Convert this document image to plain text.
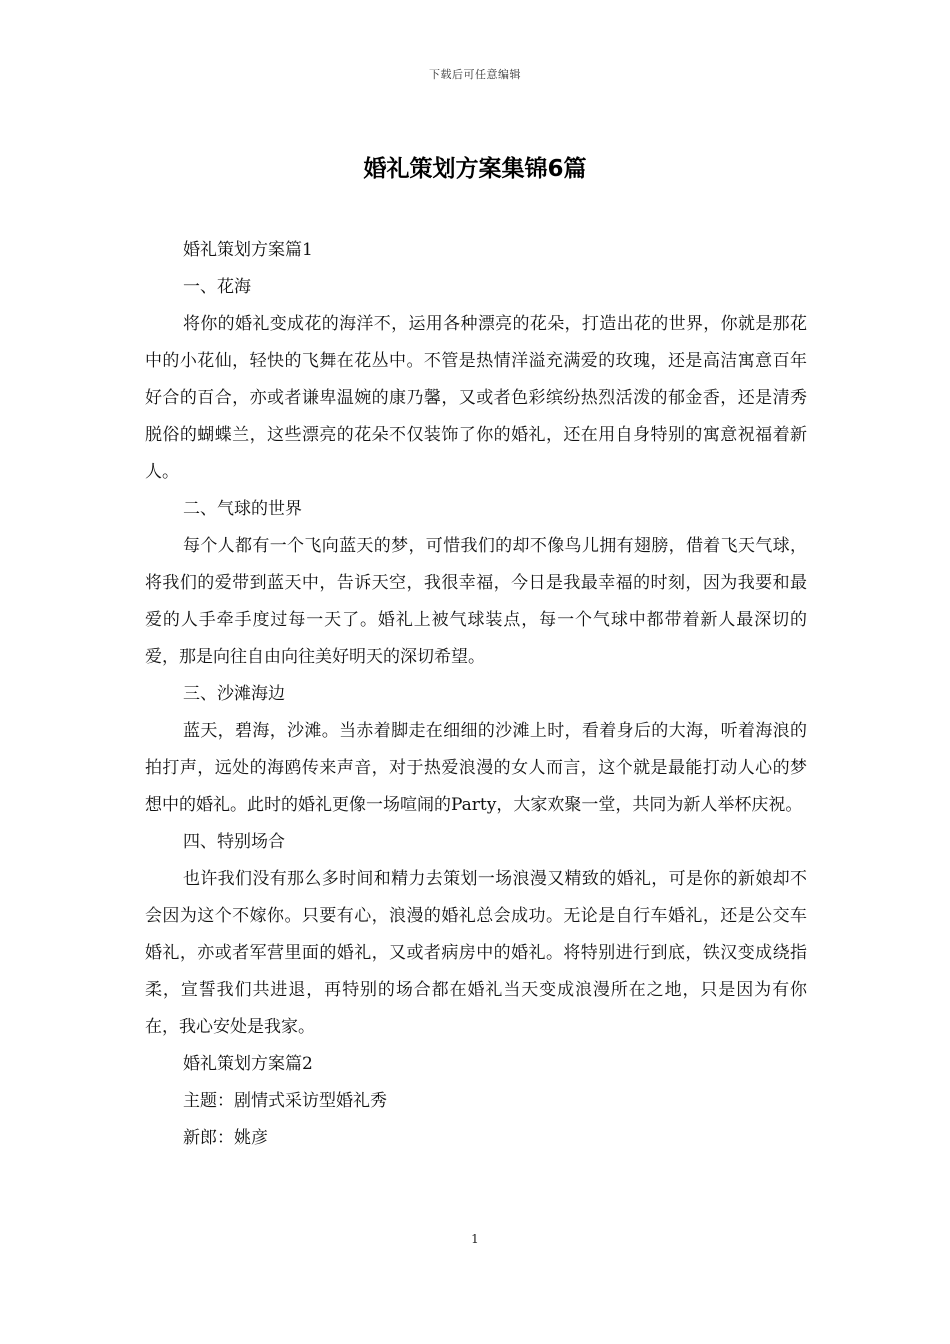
下载后可任意编辑
婚礼策划方案集锦6篇

婚礼策划方案篇1

一、花海

将你的婚礼变成花的海洋不，运用各种漂亮的花朵，打造出花的世界，你就是那花中的小花仙，轻快的飞舞在花丛中。不管是热情洋溢充满爱的玫瑰，还是高洁寓意百年好合的百合，亦或者谦卑温婉的康乃馨，又或者色彩缤纷热烈活泼的郁金香，还是清秀脱俗的蝴蝶兰，这些漂亮的花朵不仅装饰了你的婚礼，还在用自身特别的寓意祝福着新人。

二、气球的世界

每个人都有一个飞向蓝天的梦，可惜我们的却不像鸟儿拥有翅膀，借着飞天气球，将我们的爱带到蓝天中，告诉天空，我很幸福，今日是我最幸福的时刻，因为我要和最爱的人手牵手度过每一天了。婚礼上被气球装点，每一个气球中都带着新人最深切的爱，那是向往自由向往美好明天的深切希望。

三、沙滩海边

蓝天，碧海，沙滩。当赤着脚走在细细的沙滩上时，看着身后的大海，听着海浪的拍打声，远处的海鸥传来声音，对于热爱浪漫的女人而言，这个就是最能打动人心的梦想中的婚礼。此时的婚礼更像一场喧闹的Party，大家欢聚一堂，共同为新人举杯庆祝。

四、特别场合

也许我们没有那么多时间和精力去策划一场浪漫又精致的婚礼，可是你的新娘却不会因为这个不嫁你。只要有心，浪漫的婚礼总会成功。无论是自行车婚礼，还是公交车婚礼，亦或者军营里面的婚礼，又或者病房中的婚礼。将特别进行到底，铁汉变成绕指柔，宣誓我们共进退，再特别的场合都在婚礼当天变成浪漫所在之地，只是因为有你在，我心安处是我家。

婚礼策划方案篇2

主题：剧情式采访型婚礼秀

新郎：姚彦

1
